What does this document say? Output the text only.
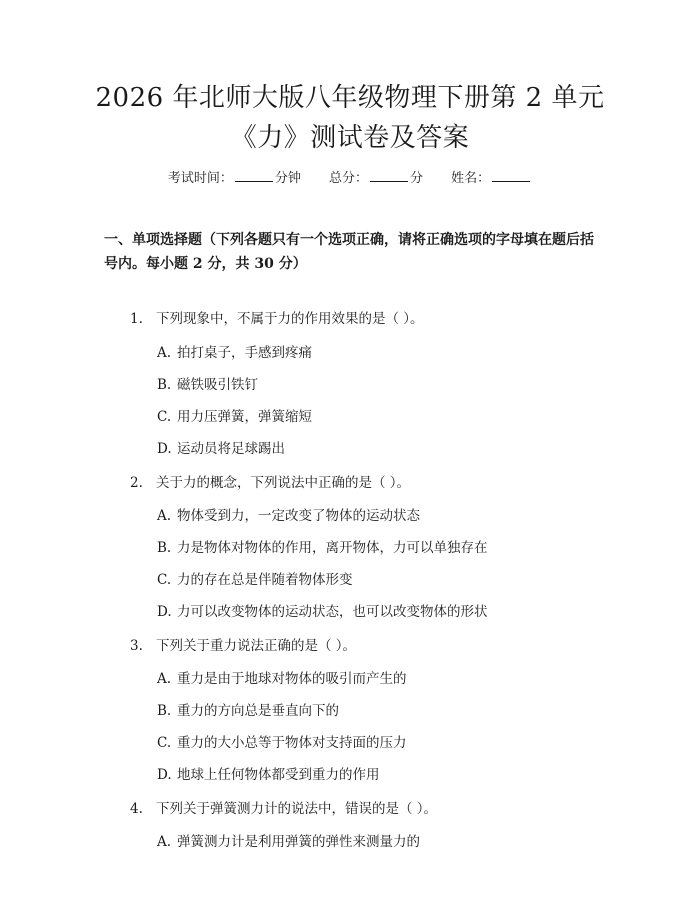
2026 年北师大版八年级物理下册第 2 单元
《力》测试卷及答案
考试时间：	分钟 总分：	分 姓名：
一、单项选择题（下列各题只有一个选项正确，请将正确选项的字母填在题后括号内。每小题 2 分，共 30 分）
1. 下列现象中，不属于力的作用效果的是（ ）。
A. 拍打桌子，手感到疼痛
B. 磁铁吸引铁钉
C. 用力压弹簧，弹簧缩短
D. 运动员将足球踢出
2. 关于力的概念，下列说法中正确的是（ ）。
A. 物体受到力，一定改变了物体的运动状态
B. 力是物体对物体的作用，离开物体，力可以单独存在
C. 力的存在总是伴随着物体形变
D. 力可以改变物体的运动状态，也可以改变物体的形状
3. 下列关于重力说法正确的是（ ）。
A. 重力是由于地球对物体的吸引而产生的
B. 重力的方向总是垂直向下的
C. 重力的大小总等于物体对支持面的压力
D. 地球上任何物体都受到重力的作用
4. 下列关于弹簧测力计的说法中，错误的是（ ）。
A. 弹簧测力计是利用弹簧的弹性来测量力的
